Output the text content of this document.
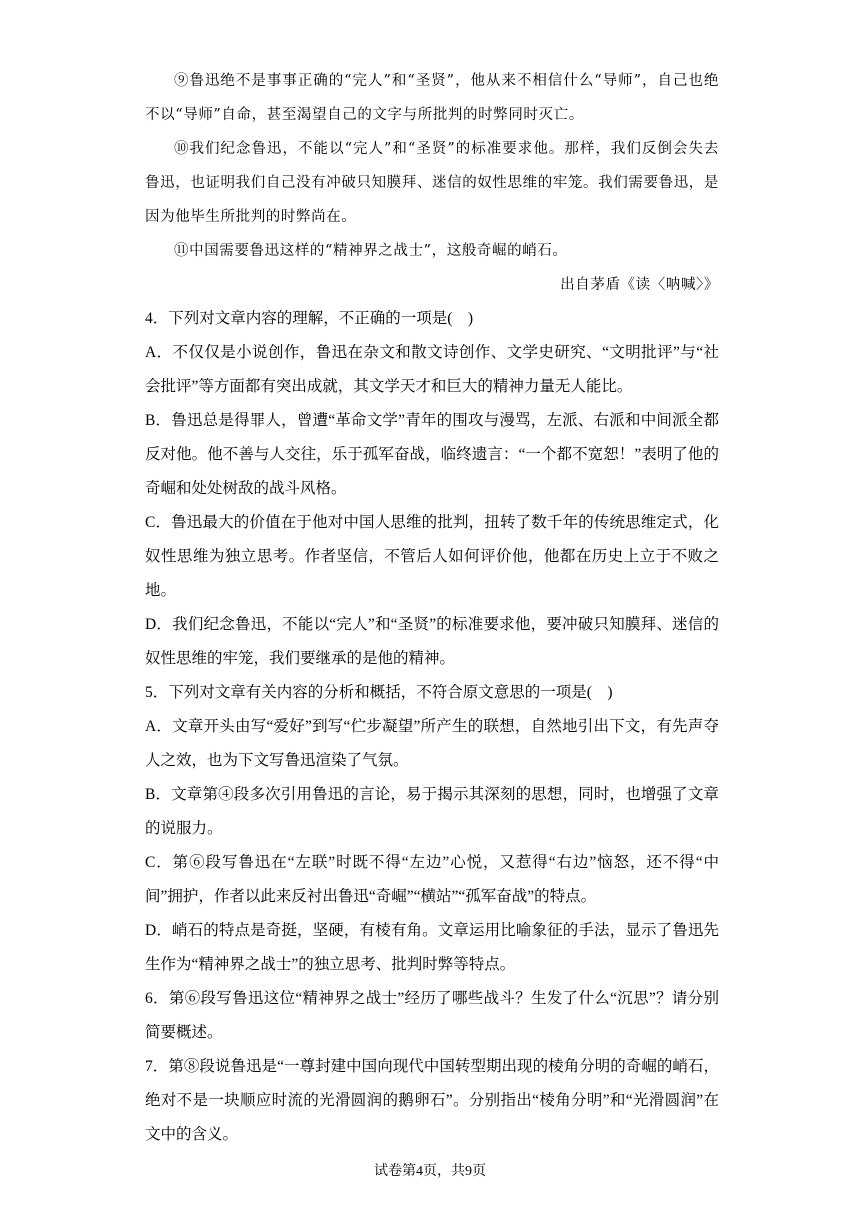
⑨鲁迅绝不是事事正确的“完人”和“圣贤”，他从来不相信什么“导师”，自己也绝不以“导师”自命，甚至渴望自己的文字与所批判的时弊同时灭亡。

⑩我们纪念鲁迅，不能以“完人”和“圣贤”的标准要求他。那样，我们反倒会失去鲁迅，也证明我们自己没有冲破只知膜拜、迷信的奴性思维的牢笼。我们需要鲁迅，是因为他毕生所批判的时弊尚在。

⑪中国需要鲁迅这样的“精神界之战士”，这般奇崛的峭石。

出自茅盾《读〈呐喊〉》

4．下列对文章内容的理解，不正确的一项是(　)

A．不仅仅是小说创作，鲁迅在杂文和散文诗创作、文学史研究、“文明批评”与“社会批评”等方面都有突出成就，其文学天才和巨大的精神力量无人能比。

B．鲁迅总是得罪人，曾遭“革命文学”青年的围攻与漫骂，左派、右派和中间派全都反对他。他不善与人交往，乐于孤军奋战，临终遗言：“一个都不宽恕！”表明了他的奇崛和处处树敌的战斗风格。

C．鲁迅最大的价值在于他对中国人思维的批判，扭转了数千年的传统思维定式，化奴性思维为独立思考。作者坚信，不管后人如何评价他，他都在历史上立于不败之地。

D．我们纪念鲁迅，不能以“完人”和“圣贤”的标准要求他，要冲破只知膜拜、迷信的奴性思维的牢笼，我们要继承的是他的精神。

5．下列对文章有关内容的分析和概括，不符合原文意思的一项是(　)

A．文章开头由写“爱好”到写“伫步凝望”所产生的联想，自然地引出下文，有先声夺人之效，也为下文写鲁迅渲染了气氛。

B．文章第④段多次引用鲁迅的言论，易于揭示其深刻的思想，同时，也增强了文章的说服力。

C．第⑥段写鲁迅在“左联”时既不得“左边”心悦，又惹得“右边”恼怒，还不得“中间”拥护，作者以此来反衬出鲁迅“奇崛”“横站”“孤军奋战”的特点。

D．峭石的特点是奇挺，坚硬，有棱有角。文章运用比喻象征的手法，显示了鲁迅先生作为“精神界之战士”的独立思考、批判时弊等特点。

6．第⑥段写鲁迅这位“精神界之战士”经历了哪些战斗？生发了什么“沉思”？请分别简要概述。

7．第⑧段说鲁迅是“一尊封建中国向现代中国转型期出现的棱角分明的奇崛的峭石，绝对不是一块顺应时流的光滑圆润的鹅卵石”。分别指出“棱角分明”和“光滑圆润”在文中的含义。

试卷第4页，共9页
